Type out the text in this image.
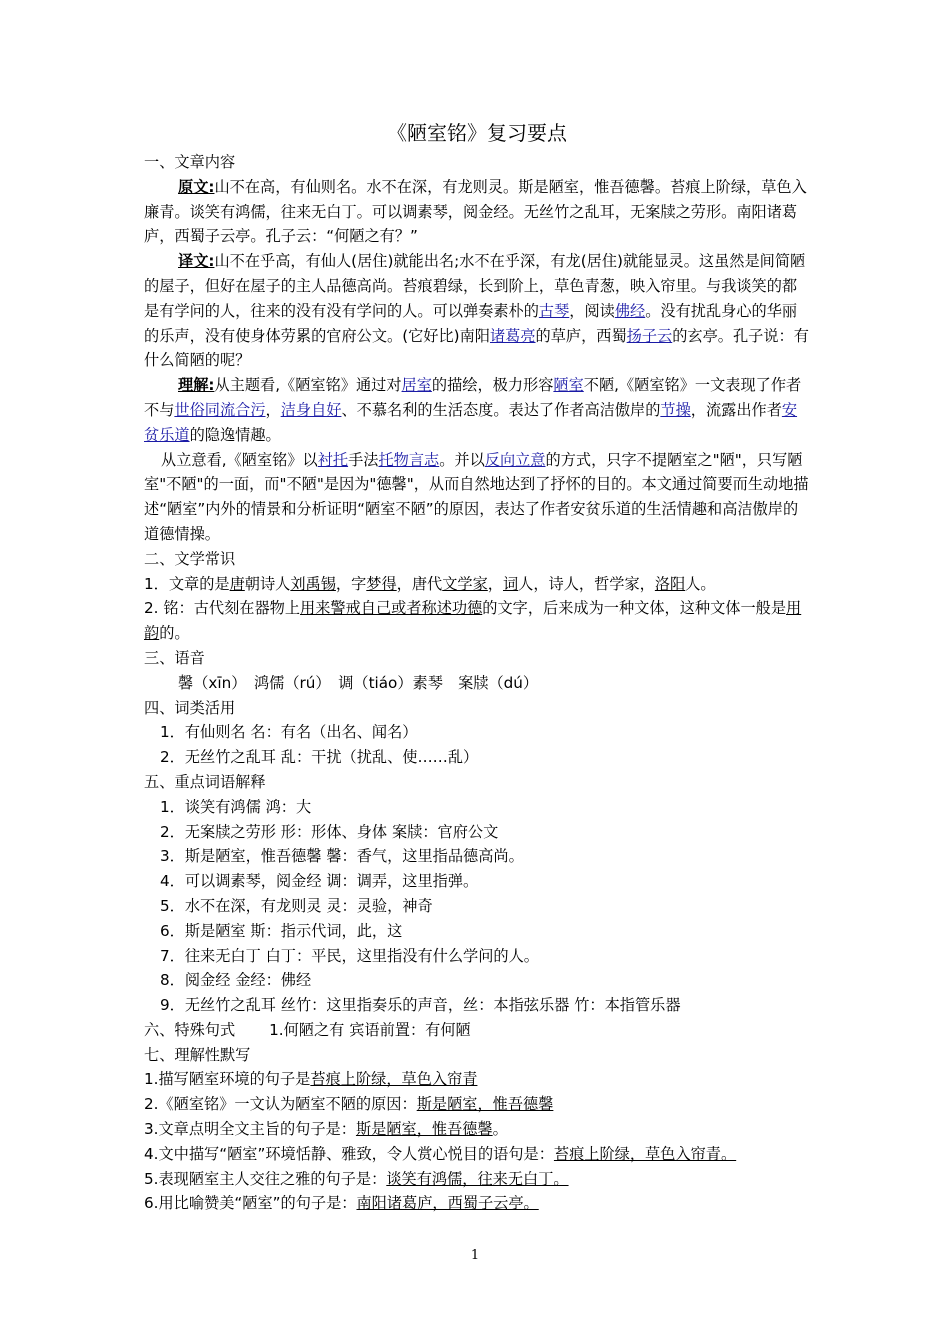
《陋室铭》复习要点

一、文章内容

原文:山不在高，有仙则名。水不在深，有龙则灵。斯是陋室，惟吾德馨。苔痕上阶绿，草色入廉青。谈笑有鸿儒，往来无白丁。可以调素琴，阅金经。无丝竹之乱耳，无案牍之劳形。南阳诸葛庐，西蜀子云亭。孔子云：“何陋之有？”

译文:山不在乎高，有仙人(居住)就能出名;水不在乎深，有龙(居住)就能显灵。这虽然是间简陋的屋子，但好在屋子的主人品德高尚。苔痕碧绿，长到阶上，草色青葱，映入帘里。与我谈笑的都是有学问的人，往来的没有没有学问的人。可以弹奏素朴的古琴，阅读佛经。没有扰乱身心的华丽的乐声，没有使身体劳累的官府公文。(它好比)南阳诸葛亮的草庐，西蜀扬子云的玄亭。孔子说：有什么简陋的呢？

理解:从主题看,《陋室铭》通过对居室的描绘，极力形容陋室不陋,《陋室铭》一文表现了作者不与世俗同流合污，洁身自好、不慕名利的生活态度。表达了作者高洁傲岸的节操，流露出作者安贫乐道的隐逸情趣。

从立意看,《陋室铭》以衬托手法托物言志。并以反向立意的方式，只字不提陋室之"陋"，只写陋室"不陋"的一面，而"不陋"是因为"德馨"，从而自然地达到了抒怀的目的。本文通过简要而生动地描述“陋室”内外的情景和分析证明“陋室不陋”的原因，表达了作者安贫乐道的生活情趣和高洁傲岸的道德情操。

二、文学常识

1．文章的是唐朝诗人刘禹锡，字梦得，唐代文学家，词人，诗人，哲学家，洛阳人。

2. 铭：古代刻在器物上用来警戒自己或者称述功德的文字，后来成为一种文体，这种文体一般是用韵的。

三、语音

馨（xīn）　鸿儒（rú）　调（tiáo）素琴　案牍（dú）

四、词类活用

1．有仙则名 名：有名（出名、闻名）

2．无丝竹之乱耳 乱：干扰（扰乱、使……乱）

五、重点词语解释

1．谈笑有鸿儒 鸿：大

2．无案牍之劳形 形：形体、身体 案牍：官府公文

3．斯是陋室，惟吾德馨 馨：香气，这里指品德高尚。

4．可以调素琴，阅金经 调：调弄，这里指弹。

5．水不在深，有龙则灵 灵：灵验，神奇

6．斯是陋室 斯：指示代词，此，这

7．往来无白丁 白丁：平民，这里指没有什么学问的人。

8．阅金经 金经：佛经

9．无丝竹之乱耳 丝竹：这里指奏乐的声音，丝：本指弦乐器 竹：本指管乐器

六、特殊句式 1.何陋之有 宾语前置：有何陋

七、理解性默写

1.描写陋室环境的句子是苔痕上阶绿，草色入帘青

2.《陋室铭》一文认为陋室不陋的原因：斯是陋室，惟吾德馨

3.文章点明全文主旨的句子是：斯是陋室，惟吾德馨。

4.文中描写“陋室”环境恬静、雅致，令人赏心悦目的语句是：苔痕上阶绿，草色入帘青。

5.表现陋室主人交往之雅的句子是：谈笑有鸿儒，往来无白丁。

6.用比喻赞美“陋室”的句子是：南阳诸葛庐，西蜀子云亭。

1
